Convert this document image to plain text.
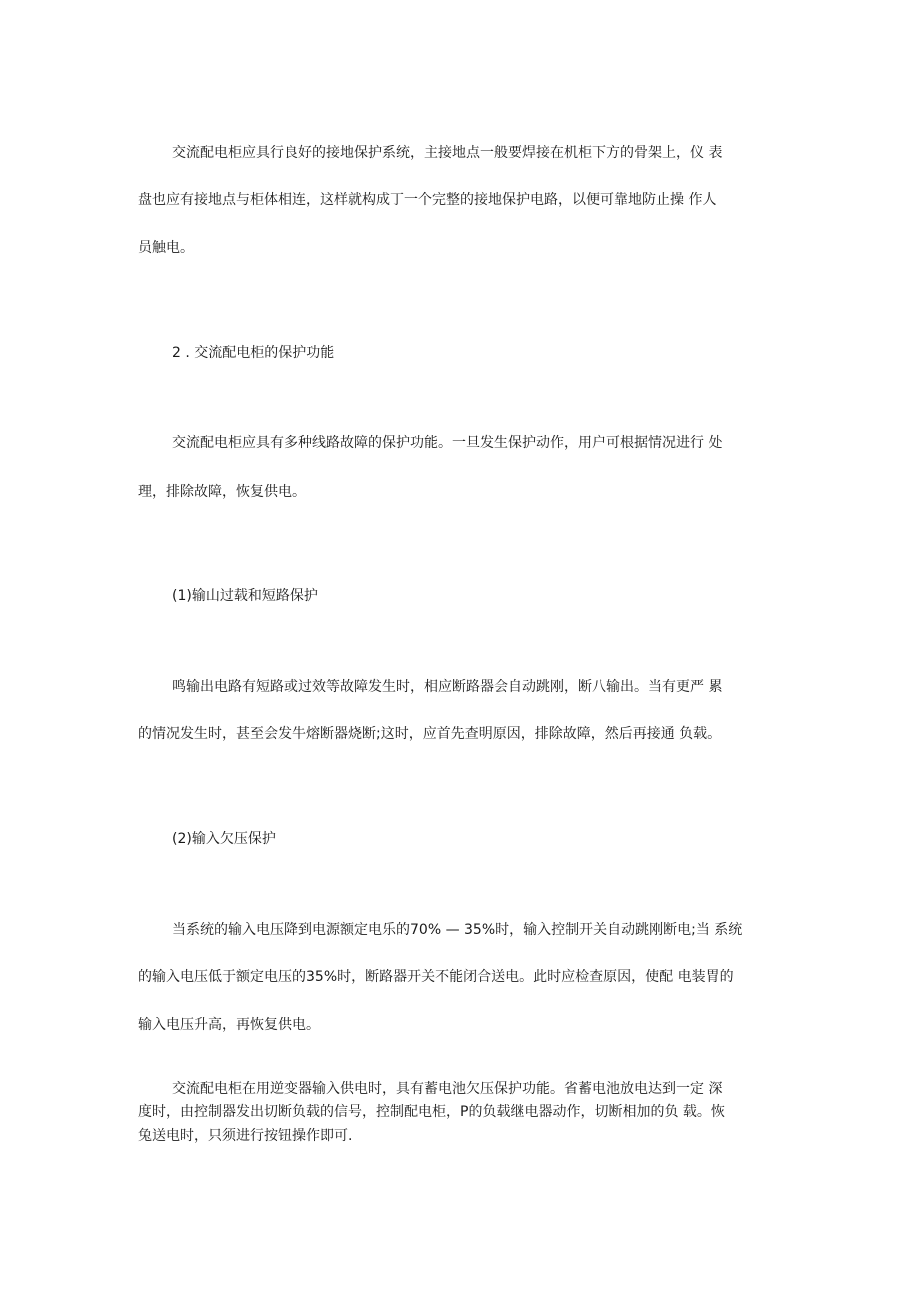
交流配电柜应具行良好的接地保护系统，主接地点一般要焊接在机柜下方的骨架上，仪 表
盘也应有接地点与柜体相连，这样就构成丁一个完整的接地保护电路，以便可靠地防止操 作人
员触电。
2 . 交流配电柜的保护功能
交流配电柜应具有多种线路故障的保护功能。一旦发生保护动作，用户可根据情况进行 处
理，排除故障，恢复供电。
(1)输山过载和短路保护
鸣输出电路有短路或过效等故障发生时，相应断路器会自动跳刚，断八输出。当有更严 累
的情况发生时，甚至会发牛熔断器烧断;这时，应首先查明原因，排除故障，然后再接通 负载。
(2)输入欠压保护
当系统的输入电压降到电源额定电乐的70% — 35%时，输入控制开关自动跳刚断电;当 系统
的输入电压低于额定电压的35%时，断路器开关不能闭合送电。此时应检查原因，使配 电装胃的
输入电压升高，再恢复供电。
交流配电柜在用逆变器输入供电时，具有蓄电池欠压保护功能。省蓄电池放电达到一定 深
度时，由控制器发出切断负载的信号，控制配电柜，P的负载继电器动作，切断相加的负 载。恢
兔送电时，只须进行按钮操作即可.
